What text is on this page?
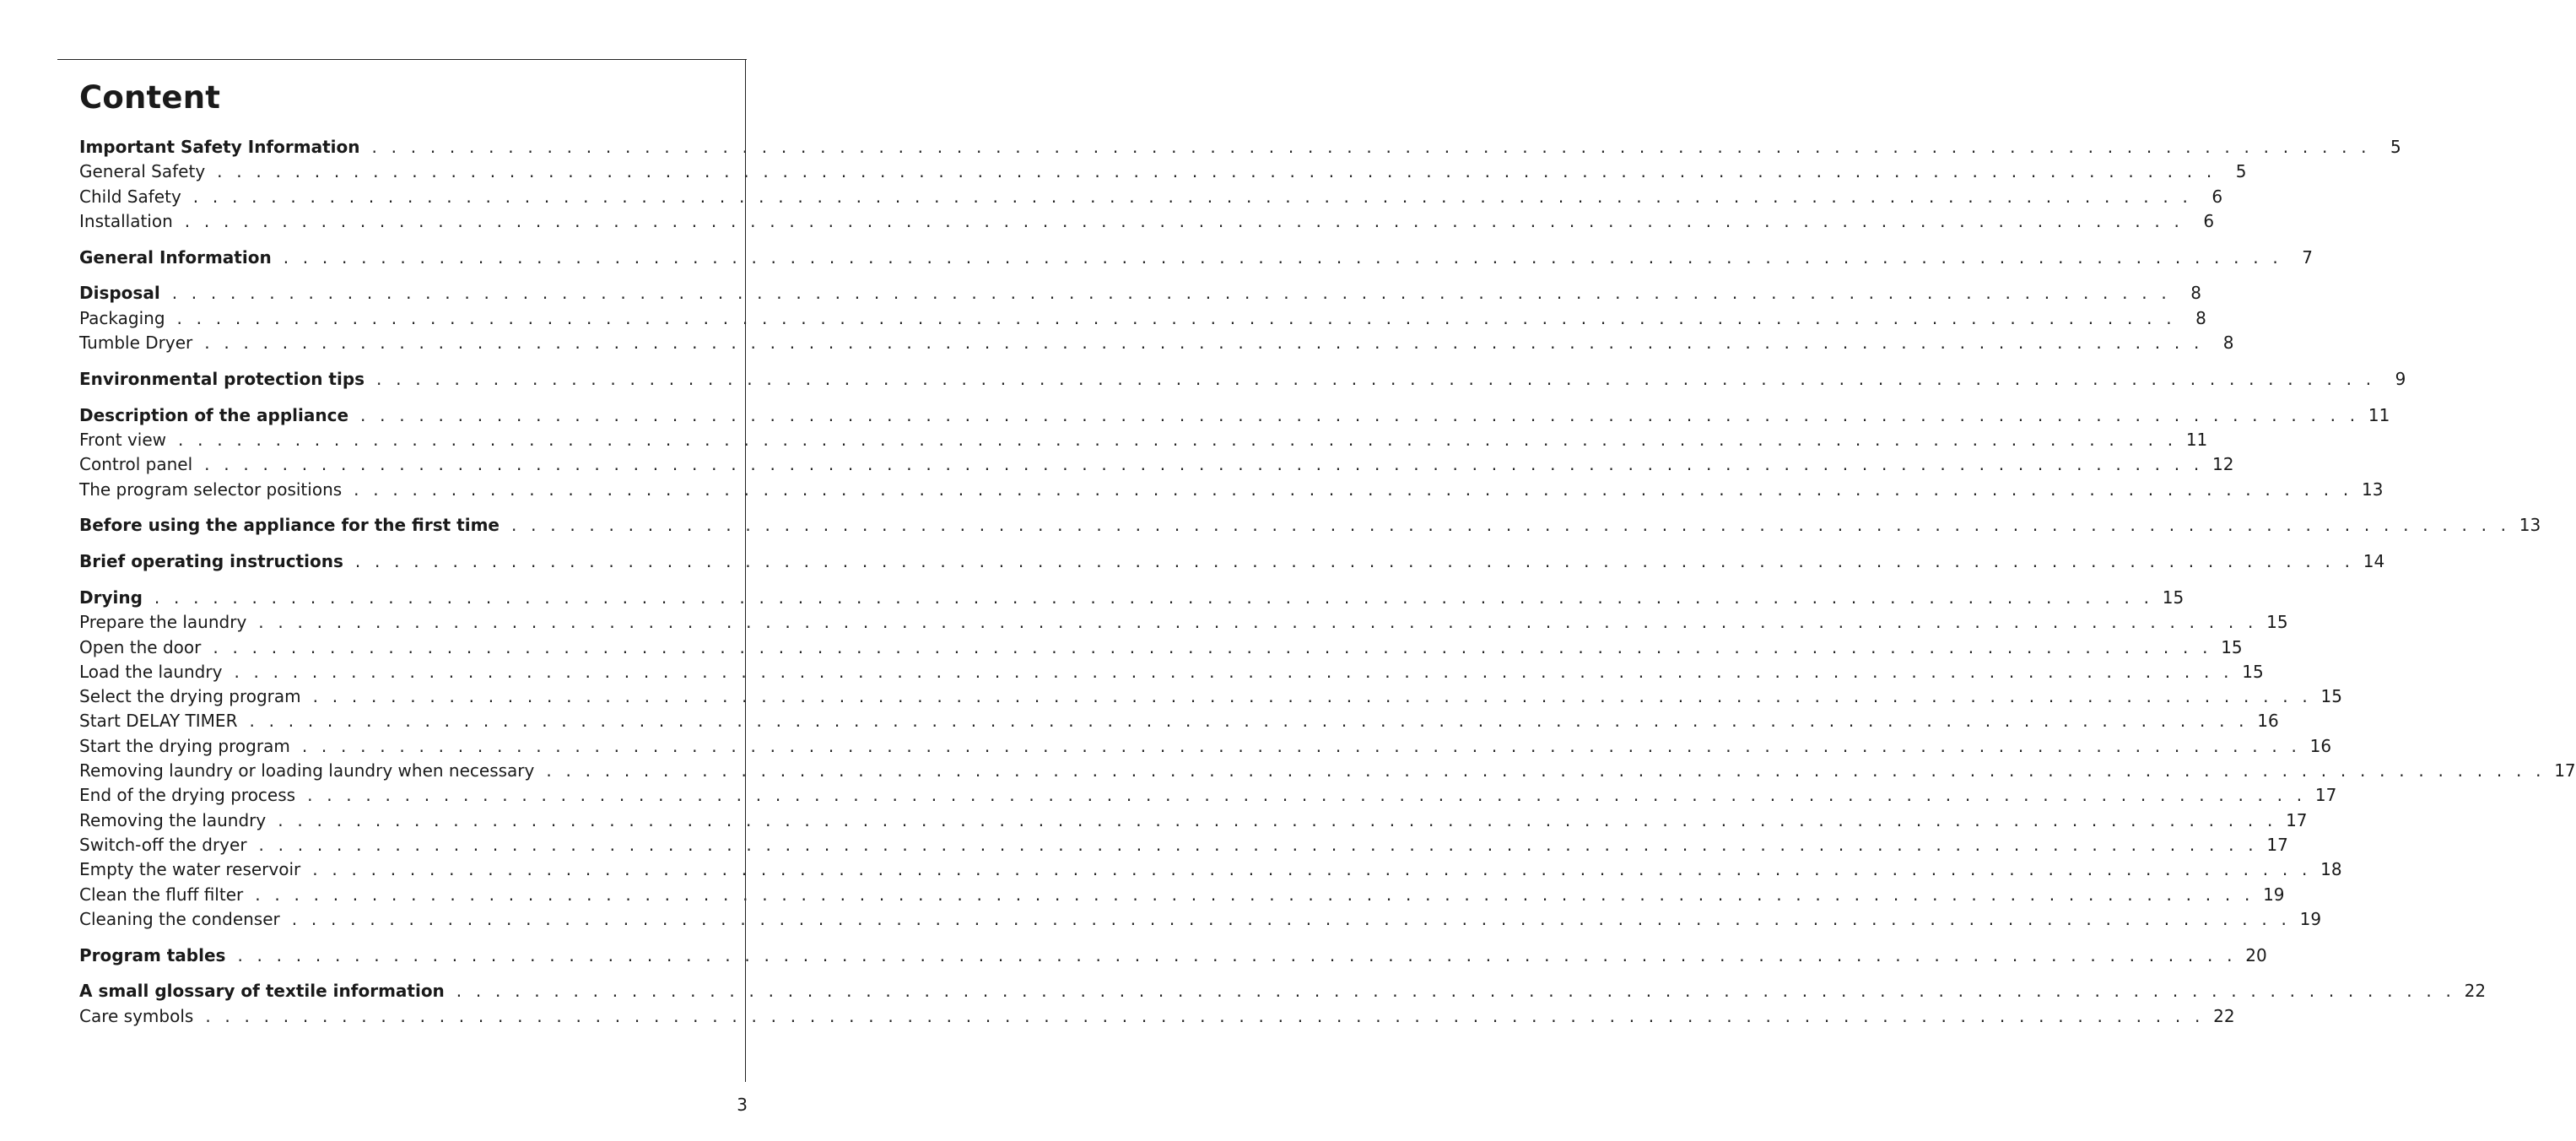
Content
Important Safety Information . . . . . . . . . . . . . . . . . . . . . . . . . . . . . . . . . . . . . . . . . . . . . . . . . . . . . . . . . . . . . . . . . . . . . . . . . . . . . . . . . . . . . . . . . . . . . . . . . . . . . . .	5
General Safety . . . . . . . . . . . . . . . . . . . . . . . . . . . . . . . . . . . . . . . . . . . . . . . . . . . . . . . . . . . . . . . . . . . . . . . . . . . . . . . . . . . . . . . . . . . . . . . . . . . . . . .	5
Child Safety . . . . . . . . . . . . . . . . . . . . . . . . . . . . . . . . . . . . . . . . . . . . . . . . . . . . . . . . . . . . . . . . . . . . . . . . . . . . . . . . . . . . . . . . . . . . . . . . . . . . . . .	6
Installation . . . . . . . . . . . . . . . . . . . . . . . . . . . . . . . . . . . . . . . . . . . . . . . . . . . . . . . . . . . . . . . . . . . . . . . . . . . . . . . . . . . . . . . . . . . . . . . . . . . . . . .	6
General Information . . . . . . . . . . . . . . . . . . . . . . . . . . . . . . . . . . . . . . . . . . . . . . . . . . . . . . . . . . . . . . . . . . . . . . . . . . . . . . . . . . . . . . . . . . . . . . . . . . . . . . .	7
Disposal . . . . . . . . . . . . . . . . . . . . . . . . . . . . . . . . . . . . . . . . . . . . . . . . . . . . . . . . . . . . . . . . . . . . . . . . . . . . . . . . . . . . . . . . . . . . . . . . . . . . . . .	8
Packaging . . . . . . . . . . . . . . . . . . . . . . . . . . . . . . . . . . . . . . . . . . . . . . . . . . . . . . . . . . . . . . . . . . . . . . . . . . . . . . . . . . . . . . . . . . . . . . . . . . . . . . .	8
Tumble Dryer . . . . . . . . . . . . . . . . . . . . . . . . . . . . . . . . . . . . . . . . . . . . . . . . . . . . . . . . . . . . . . . . . . . . . . . . . . . . . . . . . . . . . . . . . . . . . . . . . . . . . . .	8
Environmental protection tips . . . . . . . . . . . . . . . . . . . . . . . . . . . . . . . . . . . . . . . . . . . . . . . . . . . . . . . . . . . . . . . . . . . . . . . . . . . . . . . . . . . . . . . . . . . . . . . . . . . . . . .	9
Description of the appliance . . . . . . . . . . . . . . . . . . . . . . . . . . . . . . . . . . . . . . . . . . . . . . . . . . . . . . . . . . . . . . . . . . . . . . . . . . . . . . . . . . . . . . . . . . . . . . . . . . . . . . . 11
Front view . . . . . . . . . . . . . . . . . . . . . . . . . . . . . . . . . . . . . . . . . . . . . . . . . . . . . . . . . . . . . . . . . . . . . . . . . . . . . . . . . . . . . . . . . . . . . . . . . . . . . . . 11
Control panel . . . . . . . . . . . . . . . . . . . . . . . . . . . . . . . . . . . . . . . . . . . . . . . . . . . . . . . . . . . . . . . . . . . . . . . . . . . . . . . . . . . . . . . . . . . . . . . . . . . . . . . 12
The program selector positions . . . . . . . . . . . . . . . . . . . . . . . . . . . . . . . . . . . . . . . . . . . . . . . . . . . . . . . . . . . . . . . . . . . . . . . . . . . . . . . . . . . . . . . . . . . . . . . . . . . . . . . 13
Before using the appliance for the first time . . . . . . . . . . . . . . . . . . . . . . . . . . . . . . . . . . . . . . . . . . . . . . . . . . . . . . . . . . . . . . . . . . . . . . . . . . . . . . . . . . . . . . . . . . . . . . . . . . . . . . . 13
Brief operating instructions . . . . . . . . . . . . . . . . . . . . . . . . . . . . . . . . . . . . . . . . . . . . . . . . . . . . . . . . . . . . . . . . . . . . . . . . . . . . . . . . . . . . . . . . . . . . . . . . . . . . . . . 14
Drying . . . . . . . . . . . . . . . . . . . . . . . . . . . . . . . . . . . . . . . . . . . . . . . . . . . . . . . . . . . . . . . . . . . . . . . . . . . . . . . . . . . . . . . . . . . . . . . . . . . . . . . 15
Prepare the laundry . . . . . . . . . . . . . . . . . . . . . . . . . . . . . . . . . . . . . . . . . . . . . . . . . . . . . . . . . . . . . . . . . . . . . . . . . . . . . . . . . . . . . . . . . . . . . . . . . . . . . . . 15
Open the door . . . . . . . . . . . . . . . . . . . . . . . . . . . . . . . . . . . . . . . . . . . . . . . . . . . . . . . . . . . . . . . . . . . . . . . . . . . . . . . . . . . . . . . . . . . . . . . . . . . . . . . 15
Load the laundry . . . . . . . . . . . . . . . . . . . . . . . . . . . . . . . . . . . . . . . . . . . . . . . . . . . . . . . . . . . . . . . . . . . . . . . . . . . . . . . . . . . . . . . . . . . . . . . . . . . . . . . 15
Select the drying program . . . . . . . . . . . . . . . . . . . . . . . . . . . . . . . . . . . . . . . . . . . . . . . . . . . . . . . . . . . . . . . . . . . . . . . . . . . . . . . . . . . . . . . . . . . . . . . . . . . . . . . 15
Start DELAY TIMER . . . . . . . . . . . . . . . . . . . . . . . . . . . . . . . . . . . . . . . . . . . . . . . . . . . . . . . . . . . . . . . . . . . . . . . . . . . . . . . . . . . . . . . . . . . . . . . . . . . . . . . 16
Start the drying program . . . . . . . . . . . . . . . . . . . . . . . . . . . . . . . . . . . . . . . . . . . . . . . . . . . . . . . . . . . . . . . . . . . . . . . . . . . . . . . . . . . . . . . . . . . . . . . . . . . . . . . 16
Removing laundry or loading laundry when necessary . . . . . . . . . . . . . . . . . . . . . . . . . . . . . . . . . . . . . . . . . . . . . . . . . . . . . . . . . . . . . . . . . . . . . . . . . . . . . . . . . . . . . . . . . . . . . . . . . . . . . . . 17
End of the drying process . . . . . . . . . . . . . . . . . . . . . . . . . . . . . . . . . . . . . . . . . . . . . . . . . . . . . . . . . . . . . . . . . . . . . . . . . . . . . . . . . . . . . . . . . . . . . . . . . . . . . . . 17
Removing the laundry . . . . . . . . . . . . . . . . . . . . . . . . . . . . . . . . . . . . . . . . . . . . . . . . . . . . . . . . . . . . . . . . . . . . . . . . . . . . . . . . . . . . . . . . . . . . . . . . . . . . . . . 17
Switch-off the dryer . . . . . . . . . . . . . . . . . . . . . . . . . . . . . . . . . . . . . . . . . . . . . . . . . . . . . . . . . . . . . . . . . . . . . . . . . . . . . . . . . . . . . . . . . . . . . . . . . . . . . . . 17
Empty the water reservoir . . . . . . . . . . . . . . . . . . . . . . . . . . . . . . . . . . . . . . . . . . . . . . . . . . . . . . . . . . . . . . . . . . . . . . . . . . . . . . . . . . . . . . . . . . . . . . . . . . . . . . . 18
Clean the fluff filter . . . . . . . . . . . . . . . . . . . . . . . . . . . . . . . . . . . . . . . . . . . . . . . . . . . . . . . . . . . . . . . . . . . . . . . . . . . . . . . . . . . . . . . . . . . . . . . . . . . . . . . 19
Cleaning the condenser . . . . . . . . . . . . . . . . . . . . . . . . . . . . . . . . . . . . . . . . . . . . . . . . . . . . . . . . . . . . . . . . . . . . . . . . . . . . . . . . . . . . . . . . . . . . . . . . . . . . . . . 19
Program tables . . . . . . . . . . . . . . . . . . . . . . . . . . . . . . . . . . . . . . . . . . . . . . . . . . . . . . . . . . . . . . . . . . . . . . . . . . . . . . . . . . . . . . . . . . . . . . . . . . . . . . . 20
A small glossary of textile information . . . . . . . . . . . . . . . . . . . . . . . . . . . . . . . . . . . . . . . . . . . . . . . . . . . . . . . . . . . . . . . . . . . . . . . . . . . . . . . . . . . . . . . . . . . . . . . . . . . . . . . 22
Care symbols . . . . . . . . . . . . . . . . . . . . . . . . . . . . . . . . . . . . . . . . . . . . . . . . . . . . . . . . . . . . . . . . . . . . . . . . . . . . . . . . . . . . . . . . . . . . . . . . . . . . . . . 22
3
